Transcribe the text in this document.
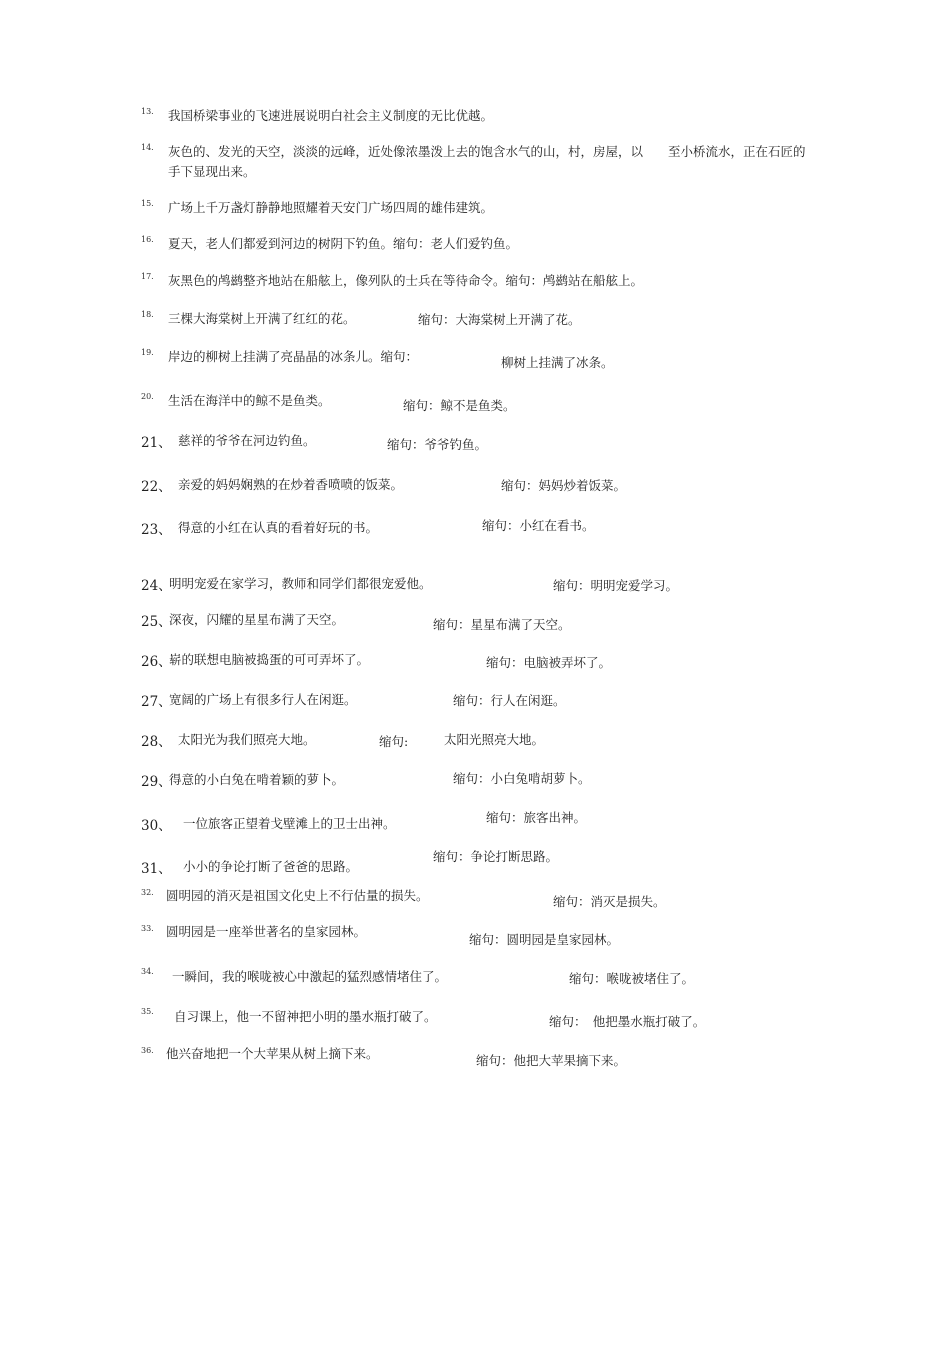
13. 我国桥梁事业的飞速进展说明白社会主义制度的无比优越。
14. 灰色的、发光的天空，淡淡的远峰，近处像浓墨泼上去的饱含水气的山，村，房屋，以　　至小桥流水，正在石匠的手下显现出来。
15. 广场上千万盏灯静静地照耀着天安门广场四周的雄伟建筑。
16. 夏天，老人们都爱到河边的树阴下钓鱼。缩句：老人们爱钓鱼。
17. 灰黑色的鸬鹚整齐地站在船舷上，像列队的士兵在等待命令。缩句：鸬鹚站在船舷上。
18. 三棵大海棠树上开满了红红的花。	缩句：大海棠树上开满了花。
19. 岸边的柳树上挂满了亮晶晶的冰条儿。缩句：	柳树上挂满了冰条。
20. 生活在海洋中的鲸不是鱼类。	缩句：鲸不是鱼类。
21、 慈祥的爷爷在河边钓鱼。	缩句：爷爷钓鱼。
22、 亲爱的妈妈娴熟的在炒着香喷喷的饭菜。	缩句：妈妈炒着饭菜。
23、 得意的小红在认真的看着好玩的书。	缩句：小红在看书。
24、
明明宠爱在家学习，教师和同学们都很宠爱他。	缩句：明明宠爱学习。
25、
深夜，闪耀的星星布满了天空。	缩句：星星布满了天空。
26、
崭的联想电脑被捣蛋的可可弄坏了。	缩句：电脑被弄坏了。
27、
宽阔的广场上有很多行人在闲逛。	缩句：行人在闲逛。
28、 太阳光为我们照亮大地。	缩句:	太阳光照亮大地。
29、
得意的小白兔在啃着颖的萝卜。	缩句：小白兔啃胡萝卜。
30、 一位旅客正望着戈壁滩上的卫士出神。	缩句：旅客出神。
31、 小小的争论打断了爸爸的思路。
缩句：争论打断思路。
32. 圆明园的消灭是祖国文化史上不行估量的损失。	缩句：消灭是损失。
33. 圆明园是一座举世著名的皇家园林。
缩句：圆明园是皇家园林。
34. 一瞬间，我的喉咙被心中激起的猛烈感情堵住了。	缩句：喉咙被堵住了。
35. 自习课上，他一不留神把小明的墨水瓶打破了。	缩句：　他把墨水瓶打破了。
36. 他兴奋地把一个大苹果从树上摘下来。	缩句：他把大苹果摘下来。
